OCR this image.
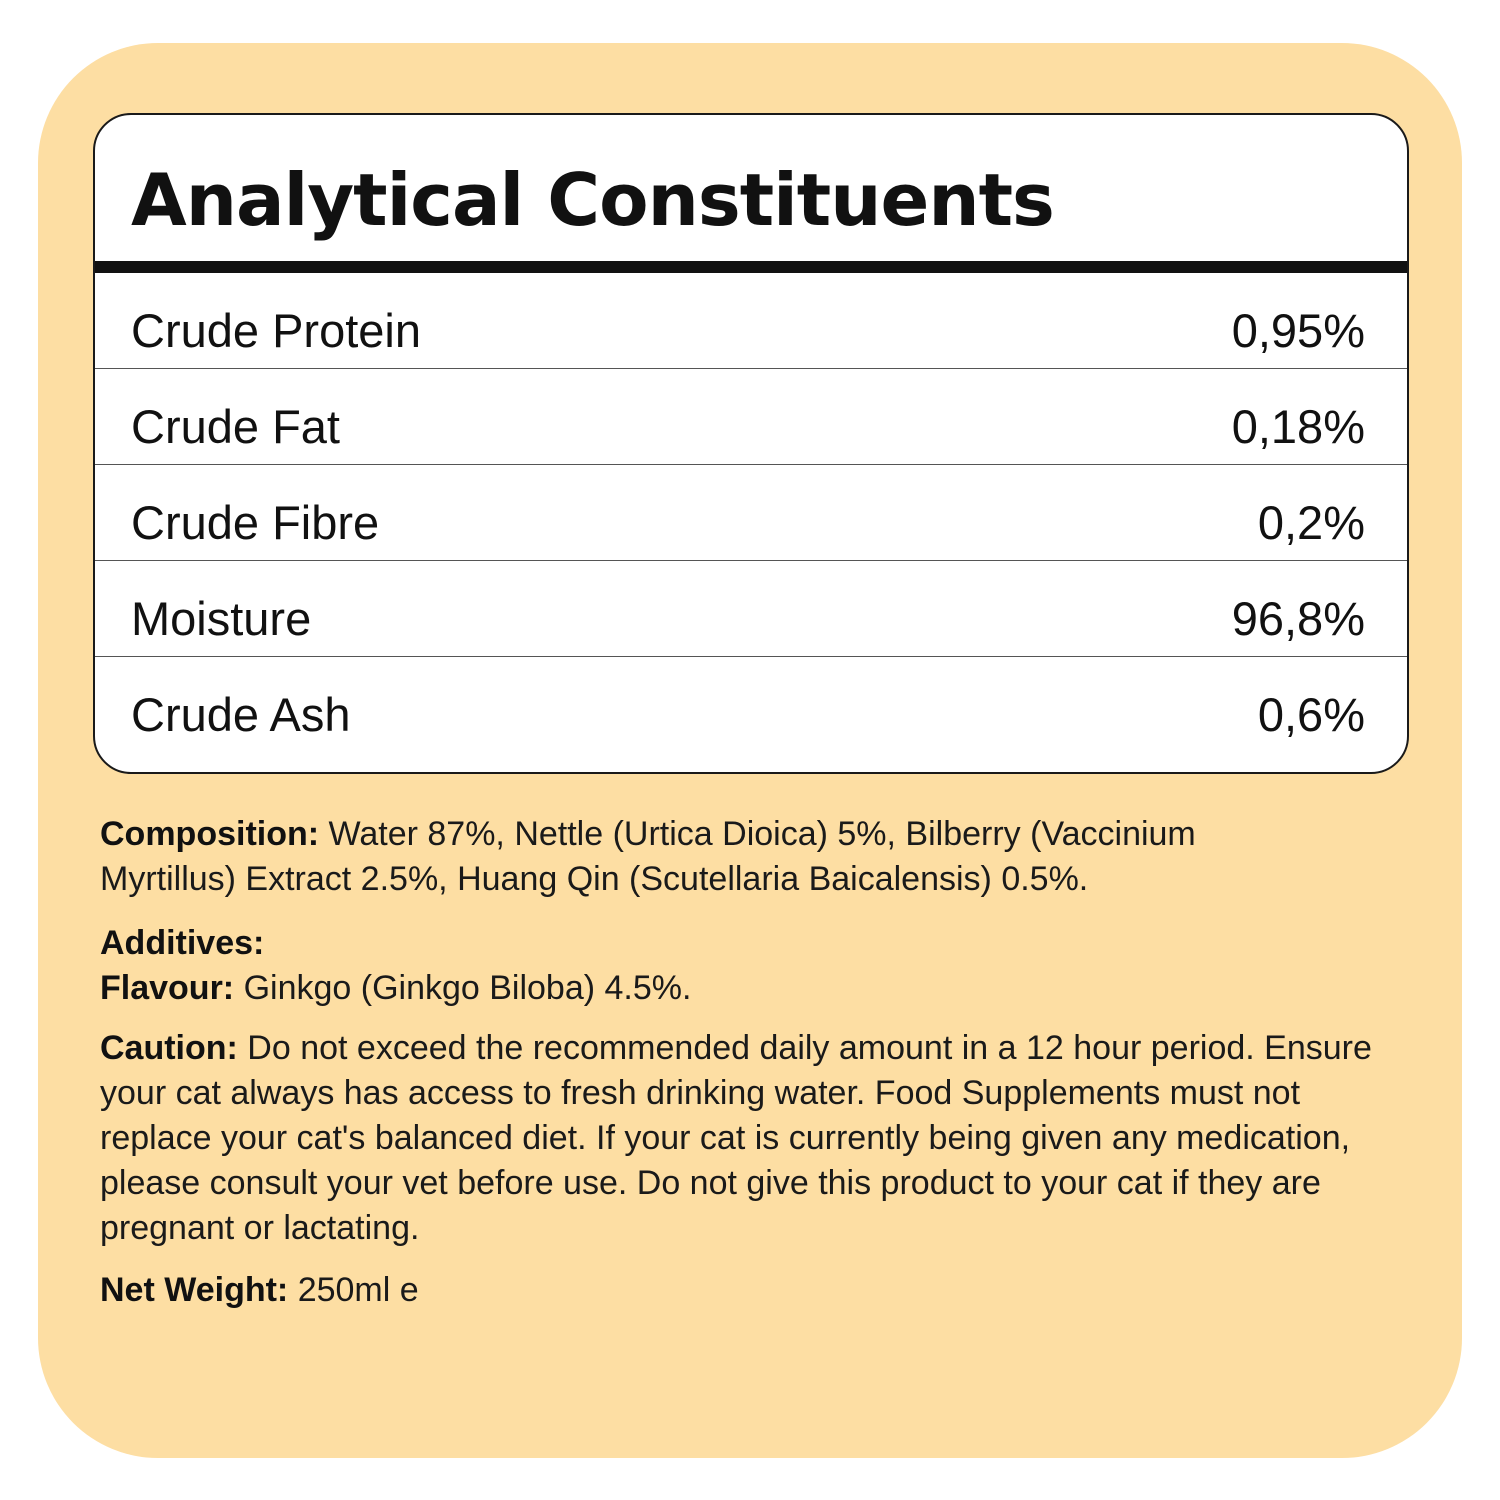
Analytical Constituents
Crude Protein	0,95%
Crude Fat	0,18%
Crude Fibre	0,2%
Moisture	96,8%
Crude Ash	0,6%
Composition: Water 87%, Nettle (Urtica Dioica) 5%, Bilberry (Vaccinium Myrtillus) Extract 2.5%, Huang Qin (Scutellaria Baicalensis) 0.5%.
Additives:
Flavour: Ginkgo (Ginkgo Biloba) 4.5%.
Caution: Do not exceed the recommended daily amount in a 12 hour period. Ensure your cat always has access to fresh drinking water. Food Supplements must not replace your cat's balanced diet. If your cat is currently being given any medication, please consult your vet before use. Do not give this product to your cat if they are pregnant or lactating.
Net Weight: 250ml e
